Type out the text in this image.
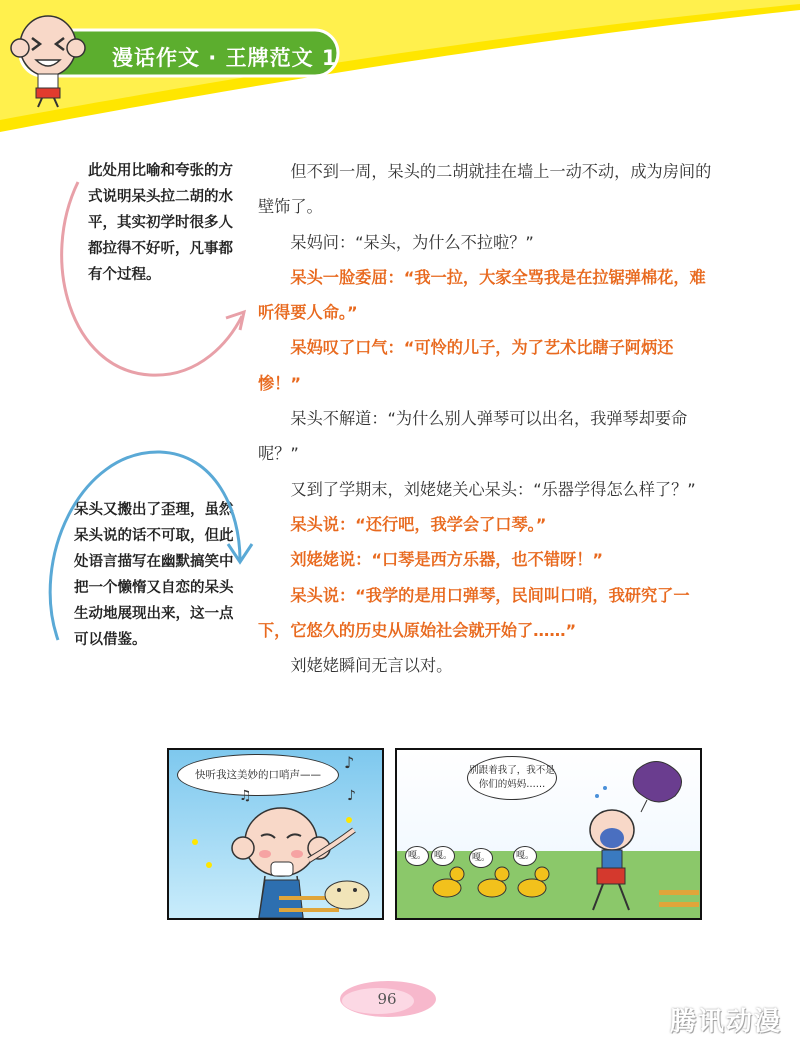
漫话作文 · 王牌范文 1

但不到一周，呆头的二胡就挂在墙上一动不动，成为房间的壁饰了。

呆妈问：“呆头，为什么不拉啦？”

呆头一脸委屈：“我一拉，大家全骂我是在拉锯弹棉花，难听得要人命。”

呆妈叹了口气：“可怜的儿子，为了艺术比瞎子阿炳还惨！”

呆头不解道：“为什么别人弹琴可以出名，我弹琴却要命呢？”

又到了学期末，刘姥姥关心呆头：“乐器学得怎么样了？”

呆头说：“还行吧，我学会了口琴。”

刘姥姥说：“口琴是西方乐器，也不错呀！”

呆头说：“我学的是用口弹琴，民间叫口哨，我研究了一下，它悠久的历史从原始社会就开始了……”

刘姥姥瞬间无言以对。

此处用比喻和夸张的方式说明呆头拉二胡的水平，其实初学时很多人都拉得不好听，凡事都有个过程。
呆头又搬出了歪理，虽然呆头说的话不可取，但此处语言描写在幽默搞笑中把一个懒惰又自恋的呆头生动地展现出来，这一点可以借鉴。
快听我这美妙的口哨声——
♪
♫	♪
别跟着我了，我不是你们的妈妈……
嘎。 嘎。	嘎。	嘎。
96
腾讯动漫
